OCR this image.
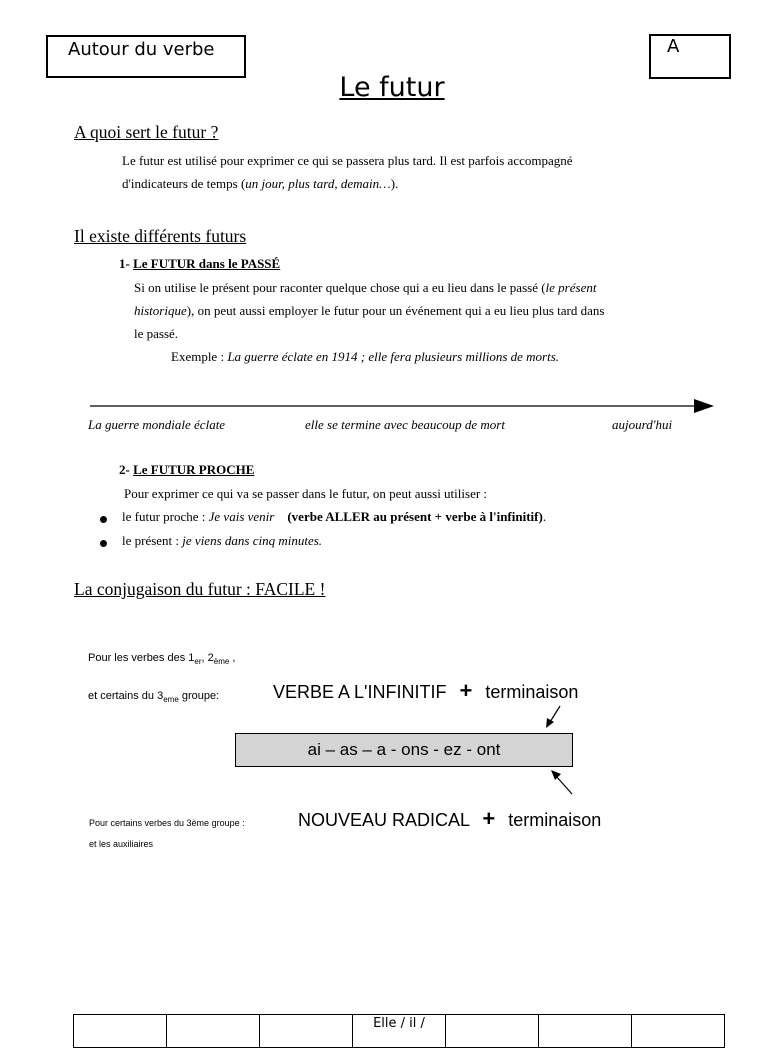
Autour du verbe	A
Le futur
A quoi sert le futur ?
Le futur est utilisé pour exprimer ce qui se passera plus tard. Il est parfois accompagné
d'indicateurs de temps (un jour, plus tard, demain…).
Il existe différents futurs
1- Le FUTUR dans le PASSÉ
Si on utilise le présent pour raconter quelque chose qui a eu lieu dans le passé (le présent
historique), on peut aussi employer le futur pour un événement qui a eu lieu plus tard dans
le passé.
Exemple : La guerre éclate en 1914 ; elle fera plusieurs millions de morts.
La guerre mondiale éclate	elle se termine avec beaucoup de mort	aujourd'hui
2- Le FUTUR PROCHE
Pour exprimer ce qui va se passer dans le futur, on peut aussi utiliser :
le futur proche : Je vais venir (verbe ALLER au présent + verbe à l'infinitif).
le présent : je viens dans cinq minutes.
La conjugaison du futur : FACILE !
Pour les verbes des $1_{er}$, $2_{ème}$ ,
et certains du $3_{eme}$ groupe:	VERBE A L'INFINITIF + terminaison
ai – as – a - ons - ez - ont
Pour certains verbes du 3ème groupe :
et les auxiliaires
NOUVEAU RADICAL + terminaison
			Elle / il /			
